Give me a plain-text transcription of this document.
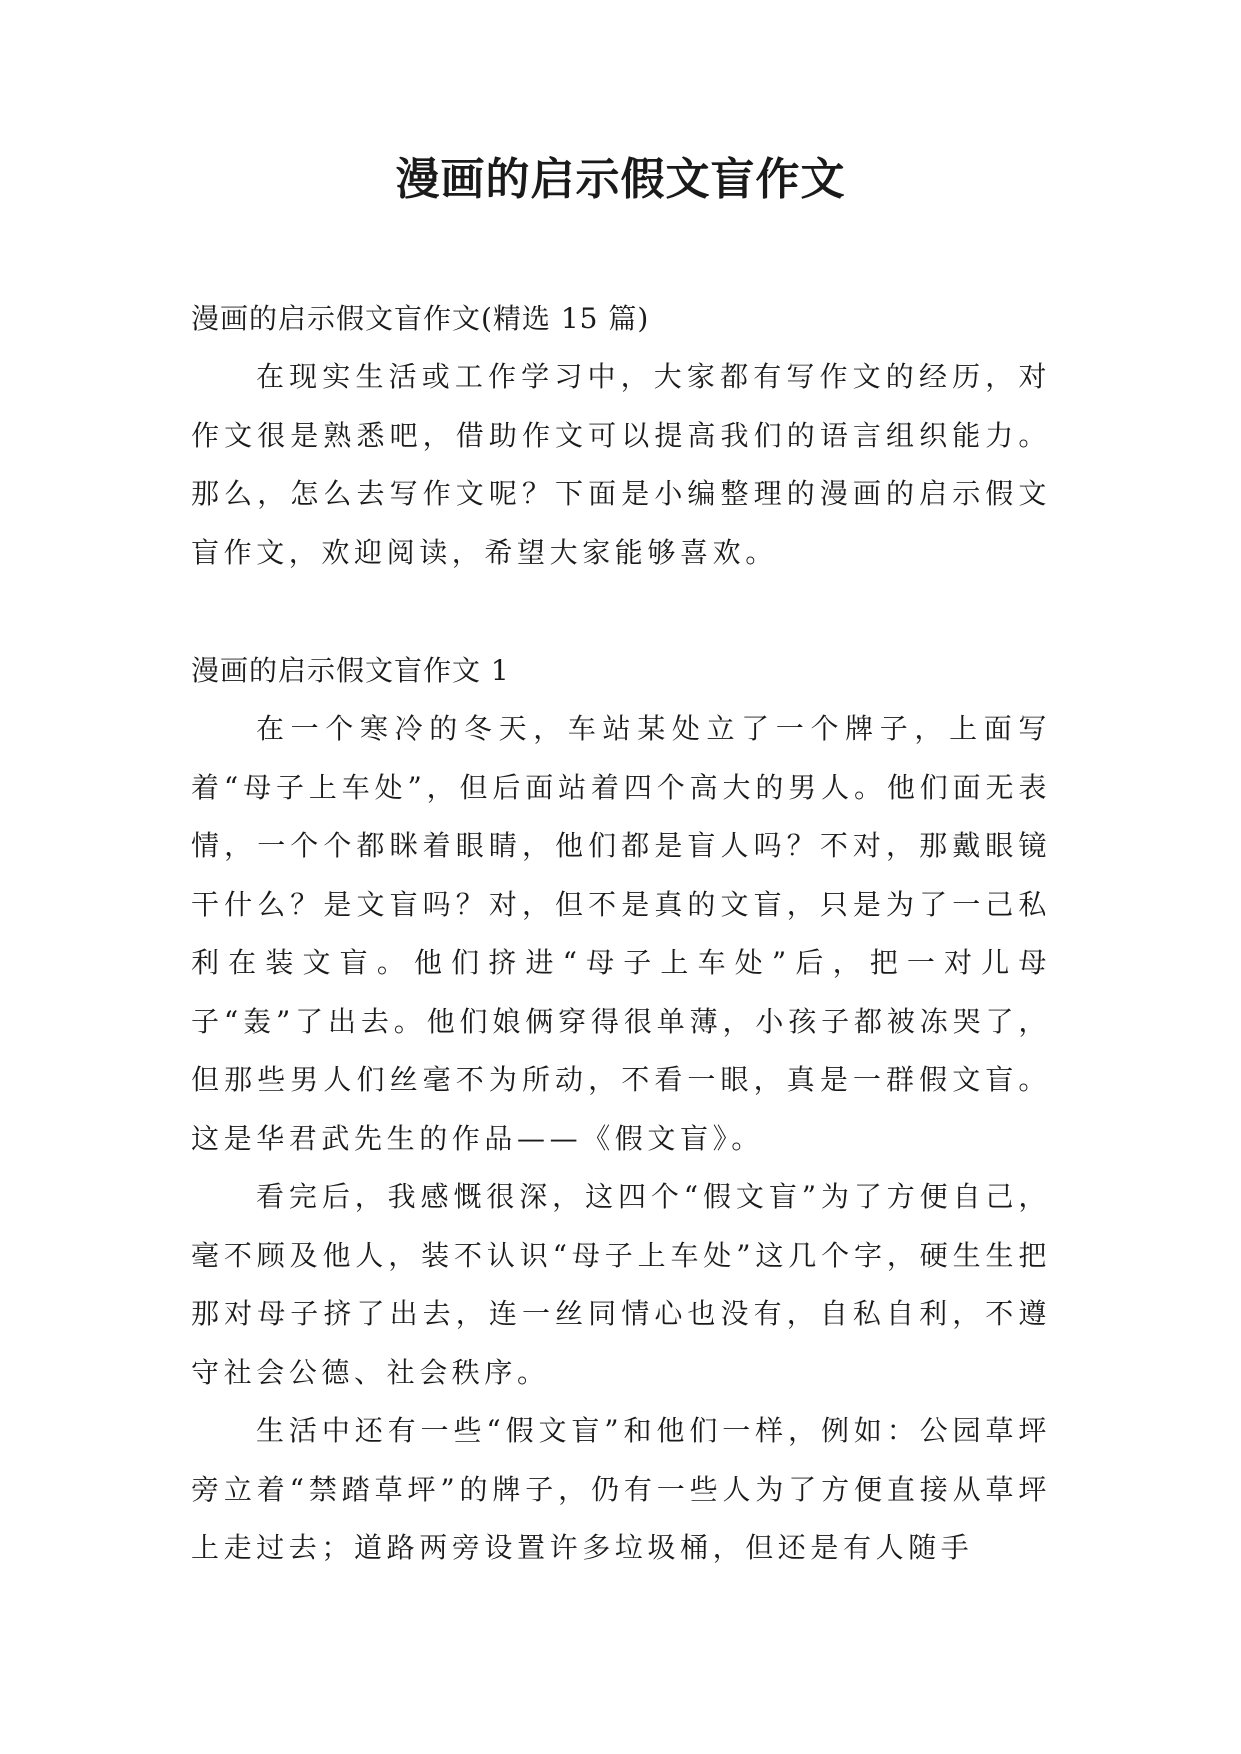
漫画的启示假文盲作文

漫画的启示假文盲作文(精选 15 篇)

在现实生活或工作学习中，大家都有写作文的经历，对作文很是熟悉吧，借助作文可以提高我们的语言组织能力。那么，怎么去写作文呢？下面是小编整理的漫画的启示假文盲作文，欢迎阅读，希望大家能够喜欢。

漫画的启示假文盲作文 1

在一个寒冷的冬天，车站某处立了一个牌子，上面写着“母子上车处”，但后面站着四个高大的男人。他们面无表情，一个个都眯着眼睛，他们都是盲人吗？不对，那戴眼镜干什么？是文盲吗？对，但不是真的文盲，只是为了一己私利在装文盲。他们挤进“母子上车处”后，把一对儿母子“轰”了出去。他们娘俩穿得很单薄，小孩子都被冻哭了，但那些男人们丝毫不为所动，不看一眼，真是一群假文盲。这是华君武先生的作品——《假文盲》。

看完后，我感慨很深，这四个“假文盲”为了方便自己，毫不顾及他人，装不认识“母子上车处”这几个字，硬生生把那对母子挤了出去，连一丝同情心也没有，自私自利，不遵守社会公德、社会秩序。

生活中还有一些“假文盲”和他们一样，例如：公园草坪旁立着“禁踏草坪”的牌子，仍有一些人为了方便直接从草坪上走过去；道路两旁设置许多垃圾桶，但还是有人随手
